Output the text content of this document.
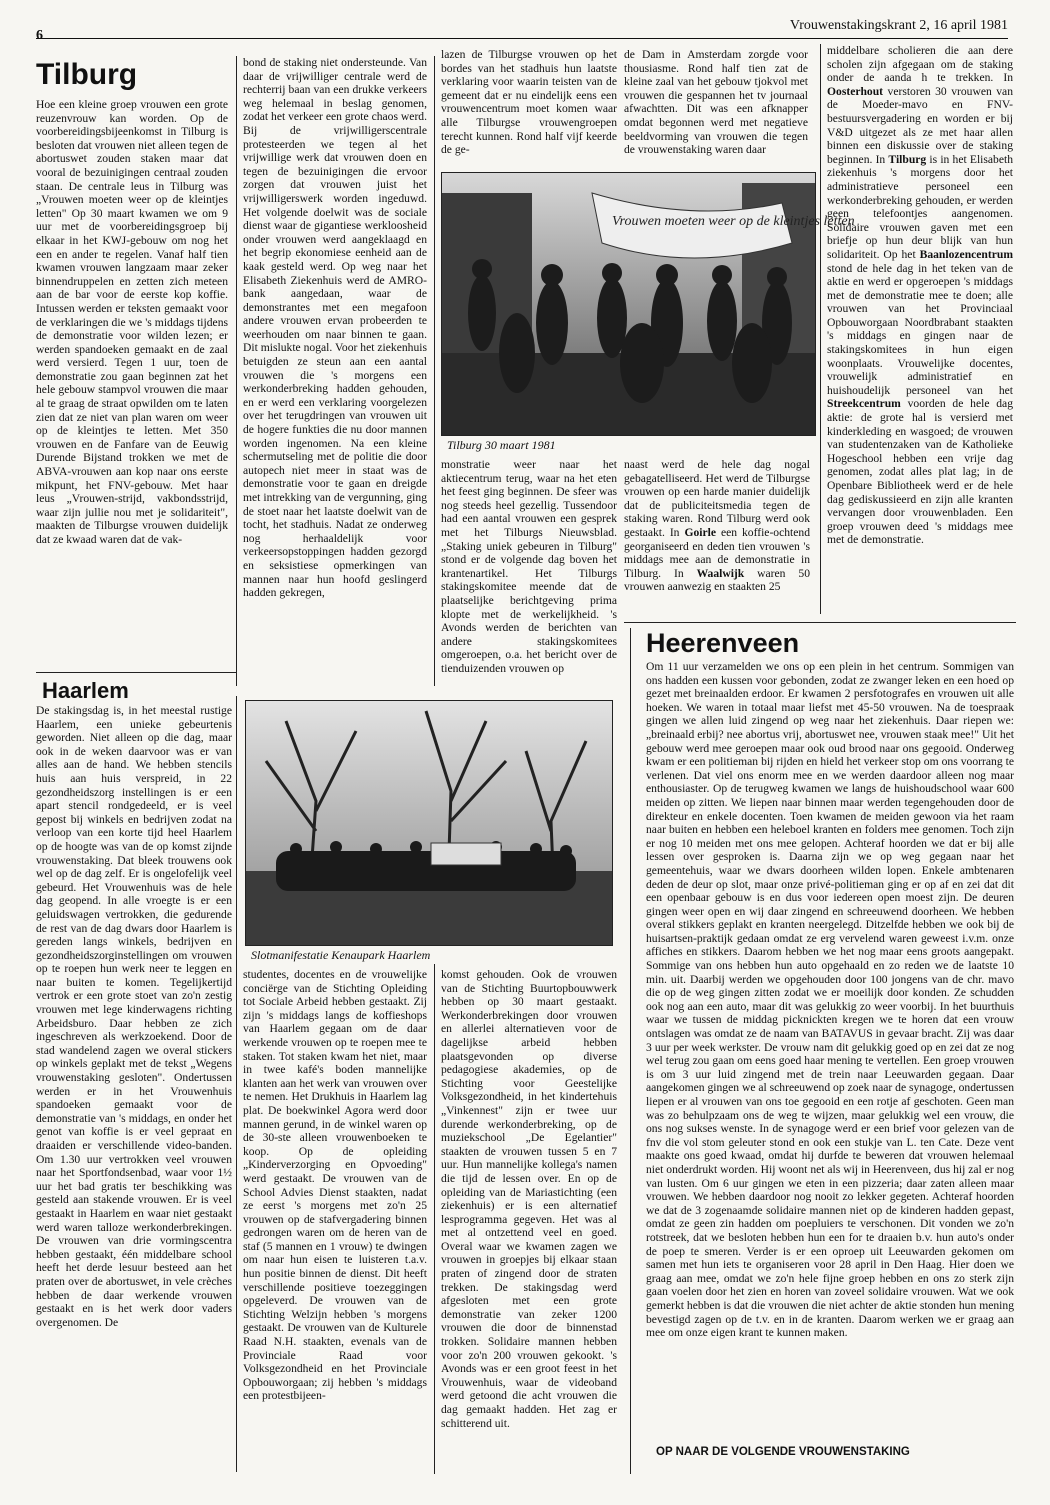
6
Vrouwenstakingskrant 2, 16 april 1981
Tilburg

Hoe een kleine groep vrouwen een grote reuzenvrouw kan worden. Op de voorbereidingsbijeenkomst in Tilburg is besloten dat vrouwen niet alleen tegen de abortuswet zouden staken maar dat vooral de bezuinigingen centraal zouden staan. De centrale leus in Tilburg was „Vrouwen moeten weer op de kleintjes letten" Op 30 maart kwamen we om 9 uur met de voorbereidingsgroep bij elkaar in het KWJ-gebouw om nog het een en ander te regelen. Vanaf half tien kwamen vrouwen langzaam maar zeker binnendruppelen en zetten zich meteen aan de bar voor de eerste kop koffie. Intussen werden er teksten gemaakt voor de verklaringen die we 's middags tijdens de demonstratie voor wilden lezen; er werden spandoeken gemaakt en de zaal werd versierd. Tegen 1 uur, toen de demonstratie zou gaan beginnen zat het hele gebouw stampvol vrouwen die maar al te graag de straat opwilden om te laten zien dat ze niet van plan waren om weer op de kleintjes te letten. Met 350 vrouwen en de Fanfare van de Eeuwig Durende Bijstand trokken we met de ABVA-vrouwen aan kop naar ons eerste mikpunt, het FNV-gebouw. Met haar leus „Vrouwen-strijd, vakbondsstrijd, waar zijn jullie nou met je solidariteit", maakten de Tilburgse vrouwen duidelijk dat ze kwaad waren dat de vak-

bond de staking niet ondersteunde. Van daar de vrijwilliger centrale werd de rechterrij baan van een drukke verkeers weg helemaal in beslag genomen, zodat het verkeer een grote chaos werd. Bij de vrijwilligerscentrale protesteerden we tegen al het vrijwillige werk dat vrouwen doen en tegen de bezuinigingen die ervoor zorgen dat vrouwen juist het vrijwilligerswerk worden ingeduwd. Het volgende doelwit was de sociale dienst waar de gigantiese werkloosheid onder vrouwen werd aangeklaagd en het begrip ekonomiese eenheid aan de kaak gesteld werd. Op weg naar het Elisabeth Ziekenhuis werd de AMRO-bank aangedaan, waar de demonstrantes met een megafoon andere vrouwen ervan probeerden te weerhouden om naar binnen te gaan. Dit mislukte nogal. Voor het ziekenhuis betuigden ze steun aan een aantal vrouwen die 's morgens een werkonderbreking hadden gehouden, en er werd een verklaring voorgelezen over het terugdringen van vrouwen uit de hogere funkties die nu door mannen worden ingenomen. Na een kleine schermutseling met de politie die door autopech niet meer in staat was de demonstratie voor te gaan en dreigde met intrekking van de vergunning, ging de stoet naar het laatste doelwit van de tocht, het stadhuis. Nadat ze onderweg nog herhaaldelijk voor verkeersopstoppingen hadden gezorgd en seksistiese opmerkingen van mannen naar hun hoofd geslingerd hadden gekregen,

lazen de Tilburgse vrouwen op het bordes van het stadhuis hun laatste verklaring voor waarin teisten van de gemeent dat er nu eindelijk eens een vrouwencentrum moet komen waar alle Tilburgse vrouwengroepen terecht kunnen. Rond half vijf keerde de ge-

de Dam in Amsterdam zorgde voor thousiasme. Rond half tien zat de kleine zaal van het gebouw tjokvol met vrouwen die gespannen het tv journaal afwachtten. Dit was een afknapper omdat begonnen werd met negatieve beeldvorming van vrouwen die tegen de vrouwenstaking waren daar

Vrouwen moeten weer op de kleintjes letten
Tilburg 30 maart 1981

monstratie weer naar het aktiecentrum terug, waar na het eten het feest ging beginnen. De sfeer was nog steeds heel gezellig. Tussendoor had een aantal vrouwen een gesprek met het Tilburgs Nieuwsblad. „Staking uniek gebeuren in Tilburg" stond er de volgende dag boven het krantenartikel. Het Tilburgs stakingskomitee meende dat de plaatselijke berichtgeving prima klopte met de werkelijkheid. 's Avonds werden de berichten van andere stakingskomitees omgeroepen, o.a. het bericht over de tienduizenden vrouwen op

naast werd de hele dag nogal gebagatelliseerd. Het werd de Tilburgse vrouwen op een harde manier duidelijk dat de publiciteitsmedia tegen de staking waren. Rond Tilburg werd ook gestaakt. In Goirle een koffie-ochtend georganiseerd en deden tien vrouwen 's middags mee aan de demonstratie in Tilburg. In Waalwijk waren 50 vrouwen aanwezig en staakten 25

middelbare scholieren die aan dere scholen zijn afgegaan om de staking onder de aanda h te trekken. In Oosterhout verstoren 30 vrouwen van de Moeder-mavo en FNV-bestuursvergadering en worden er bij V&D uitgezet als ze met haar allen binnen een diskussie over de staking beginnen. In Tilburg is in het Elisabeth ziekenhuis 's morgens door het administratieve personeel een werkonderbreking gehouden, er werden geen telefoontjes aangenomen. Solidaire vrouwen gaven met een briefje op hun deur blijk van hun solidariteit. Op het Baanlozencentrum stond de hele dag in het teken van de aktie en werd er opgeroepen 's middags met de demonstratie mee te doen; alle vrouwen van het Provinciaal Opbouworgaan Noordbrabant staakten 's middags en gingen naar de stakingskomitees in hun eigen woonplaats. Vrouwelijke docentes, vrouwelijk administratief en huishoudelijk personeel van het Streekcentrum voorden de hele dag aktie: de grote hal is versierd met kinderkleding en wasgoed; de vrouwen van studentenzaken van de Katholieke Hogeschool hebben een vrije dag genomen, zodat alles plat lag; in de Openbare Bibliotheek werd er de hele dag gediskussieerd en zijn alle kranten vervangen door vrouwenbladen. Een groep vrouwen deed 's middags mee met de demonstratie.

Heerenveen

Om 11 uur verzamelden we ons op een plein in het centrum. Sommigen van ons hadden een kussen voor gebonden, zodat ze zwanger leken en een hoed op gezet met breinaalden erdoor. Er kwamen 2 persfotografes en vrouwen uit alle hoeken. We waren in totaal maar liefst met 45-50 vrouwen. Na de toespraak gingen we allen luid zingend op weg naar het ziekenhuis. Daar riepen we: „breinaald erbij? nee abortus vrij, abortuswet nee, vrouwen staak mee!" Uit het gebouw werd mee geroepen maar ook oud brood naar ons gegooid. Onderweg kwam er een politieman bij rijden en hield het verkeer stop om ons voorrang te verlenen. Dat viel ons enorm mee en we werden daardoor alleen nog maar enthousiaster. Op de terugweg kwamen we langs de huishoudschool waar 600 meiden op zitten. We liepen naar binnen maar werden tegengehouden door de direkteur en enkele docenten. Toen kwamen de meiden gewoon via het raam naar buiten en hebben een heleboel kranten en folders mee genomen. Toch zijn er nog 10 meiden met ons mee gelopen. Achteraf hoorden we dat er bij alle lessen over gesproken is. Daarna zijn we op weg gegaan naar het gemeentehuis, waar we dwars doorheen wilden lopen. Enkele ambtenaren deden de deur op slot, maar onze privé-politieman ging er op af en zei dat dit een openbaar gebouw is en dus voor iedereen open moest zijn. De deuren gingen weer open en wij daar zingend en schreeuwend doorheen. We hebben overal stikkers geplakt en kranten neergelegd. Ditzelfde hebben we ook bij de huisartsen-praktijk gedaan omdat ze erg vervelend waren geweest i.v.m. onze affiches en stikkers. Daarom hebben we het nog maar eens groots aangepakt. Sommige van ons hebben hun auto opgehaald en zo reden we de laatste 10 min. uit. Daarbij werden we opgehouden door 100 jongens van de chr. mavo die op de weg gingen zitten zodat we er moeilijk door konden. Ze schudden ook nog aan een auto, maar dit was gelukkig zo weer voorbij. In het buurthuis waar we tussen de middag picknickten kregen we te horen dat een vrouw ontslagen was omdat ze de naam van BATAVUS in gevaar bracht. Zij was daar 3 uur per week werkster. De vrouw nam dit gelukkig goed op en zei dat ze nog wel terug zou gaan om eens goed haar mening te vertellen. Een groep vrouwen is om 3 uur luid zingend met de trein naar Leeuwarden gegaan. Daar aangekomen gingen we al schreeuwend op zoek naar de synagoge, ondertussen liepen er al vrouwen van ons toe gegooid en een rotje af geschoten. Geen man was zo behulpzaam ons de weg te wijzen, maar gelukkig wel een vrouw, die ons nog sukses wenste. In de synagoge werd er een brief voor gelezen van de fnv die vol stom geleuter stond en ook een stukje van L. ten Cate. Deze vent maakte ons goed kwaad, omdat hij durfde te beweren dat vrouwen helemaal niet onderdrukt worden. Hij woont net als wij in Heerenveen, dus hij zal er nog van lusten. Om 6 uur gingen we eten in een pizzeria; daar zaten alleen maar vrouwen. We hebben daardoor nog nooit zo lekker gegeten. Achteraf hoorden we dat de 3 zogenaamde solidaire mannen niet op de kinderen hadden gepast, omdat ze geen zin hadden om poepluiers te verschonen. Dit vonden we zo'n rotstreek, dat we besloten hebben hun een for te draaien b.v. hun auto's onder de poep te smeren. Verder is er een oproep uit Leeuwarden gekomen om samen met hun iets te organiseren voor 28 april in Den Haag. Hier doen we graag aan mee, omdat we zo'n hele fijne groep hebben en ons zo sterk zijn gaan voelen door het zien en horen van zoveel solidaire vrouwen. Wat we ook gemerkt hebben is dat die vrouwen die niet achter de aktie stonden hun mening bevestigd zagen op de t.v. en in de kranten. Daarom werken we er graag aan mee om onze eigen krant te kunnen maken.

OP NAAR DE VOLGENDE VROUWENSTAKING
Haarlem

De stakingsdag is, in het meestal rustige Haarlem, een unieke gebeurtenis geworden. Niet alleen op die dag, maar ook in de weken daarvoor was er van alles aan de hand. We hebben stencils huis aan huis verspreid, in 22 gezondheidszorg instellingen is er een apart stencil rondgedeeld, er is veel gepost bij winkels en bedrijven zodat na verloop van een korte tijd heel Haarlem op de hoogte was van de op komst zijnde vrouwenstaking. Dat bleek trouwens ook wel op de dag zelf. Er is ongelofelijk veel gebeurd. Het Vrouwenhuis was de hele dag geopend. In alle vroegte is er een geluidswagen vertrokken, die gedurende de rest van de dag dwars door Haarlem is gereden langs winkels, bedrijven en gezondheidszorginstellingen om vrouwen op te roepen hun werk neer te leggen en naar buiten te komen. Tegelijkertijd vertrok er een grote stoet van zo'n zestig vrouwen met lege kinderwagens richting Arbeidsburo. Daar hebben ze zich ingeschreven als werkzoekend. Door de stad wandelend zagen we overal stickers op winkels geplakt met de tekst „Wegens vrouwenstaking gesloten". Ondertussen werden er in het Vrouwenhuis spandoeken gemaakt voor de demonstratie van 's middags, en onder het genot van koffie is er veel gepraat en draaiden er verschillende video-banden. Om 1.30 uur vertrokken veel vrouwen naar het Sportfondsenbad, waar voor 1½ uur het bad gratis ter beschikking was gesteld aan stakende vrouwen. Er is veel gestaakt in Haarlem en waar niet gestaakt werd waren talloze werkonderbrekingen. De vrouwen van drie vormingscentra hebben gestaakt, één middelbare school heeft het derde lesuur besteed aan het praten over de abortuswet, in vele crèches hebben de daar werkende vrouwen gestaakt en is het werk door vaders overgenomen. De

Slotmanifestatie Kenaupark Haarlem

studentes, docentes en de vrouwelijke conciërge van de Stichting Opleiding tot Sociale Arbeid hebben gestaakt. Zij zijn 's middags langs de koffieshops van Haarlem gegaan om de daar werkende vrouwen op te roepen mee te staken. Tot staken kwam het niet, maar in twee kafé's boden mannelijke klanten aan het werk van vrouwen over te nemen. Het Drukhuis in Haarlem lag plat. De boekwinkel Agora werd door mannen gerund, in de winkel waren op de 30-ste alleen vrouwenboeken te koop. Op de opleiding „Kinderverzorging en Opvoeding" werd gestaakt. De vrouwen van de School Advies Dienst staakten, nadat ze eerst 's morgens met zo'n 25 vrouwen op de stafvergadering binnen gedrongen waren om de heren van de staf (5 mannen en 1 vrouw) te dwingen om naar hun eisen te luisteren t.a.v. hun positie binnen de dienst. Dit heeft verschillende positieve toezeggingen opgeleverd. De vrouwen van de Stichting Welzijn hebben 's morgens gestaakt. De vrouwen van de Kulturele Raad N.H. staakten, evenals van de Provinciale Raad voor Volksgezondheid en het Provinciale Opbouworgaan; zij hebben 's middags een protestbijeen-

komst gehouden. Ook de vrouwen van de Stichting Buurtopbouwwerk hebben op 30 maart gestaakt. Werkonderbrekingen door vrouwen en allerlei alternatieven voor de dagelijkse arbeid hebben plaatsgevonden op diverse pedagogiese akademies, op de Stichting voor Geestelijke Volksgezondheid, in het kindertehuis „Vinkennest" zijn er twee uur durende werkonderbreking, op de muziekschool „De Egelantier" staakten de vrouwen tussen 5 en 7 uur. Hun mannelijke kollega's namen die tijd de lessen over. En op de opleiding van de Mariastichting (een ziekenhuis) er is een alternatief lesprogramma gegeven. Het was al met al ontzettend veel en goed. Overal waar we kwamen zagen we vrouwen in groepjes bij elkaar staan praten of zingend door de straten trekken. De stakingsdag werd afgesloten met een grote demonstratie van zeker 1200 vrouwen die door de binnenstad trokken. Solidaire mannen hebben voor zo'n 200 vrouwen gekookt. 's Avonds was er een groot feest in het Vrouwenhuis, waar de videoband werd getoond die acht vrouwen die dag gemaakt hadden. Het zag er schitterend uit.
